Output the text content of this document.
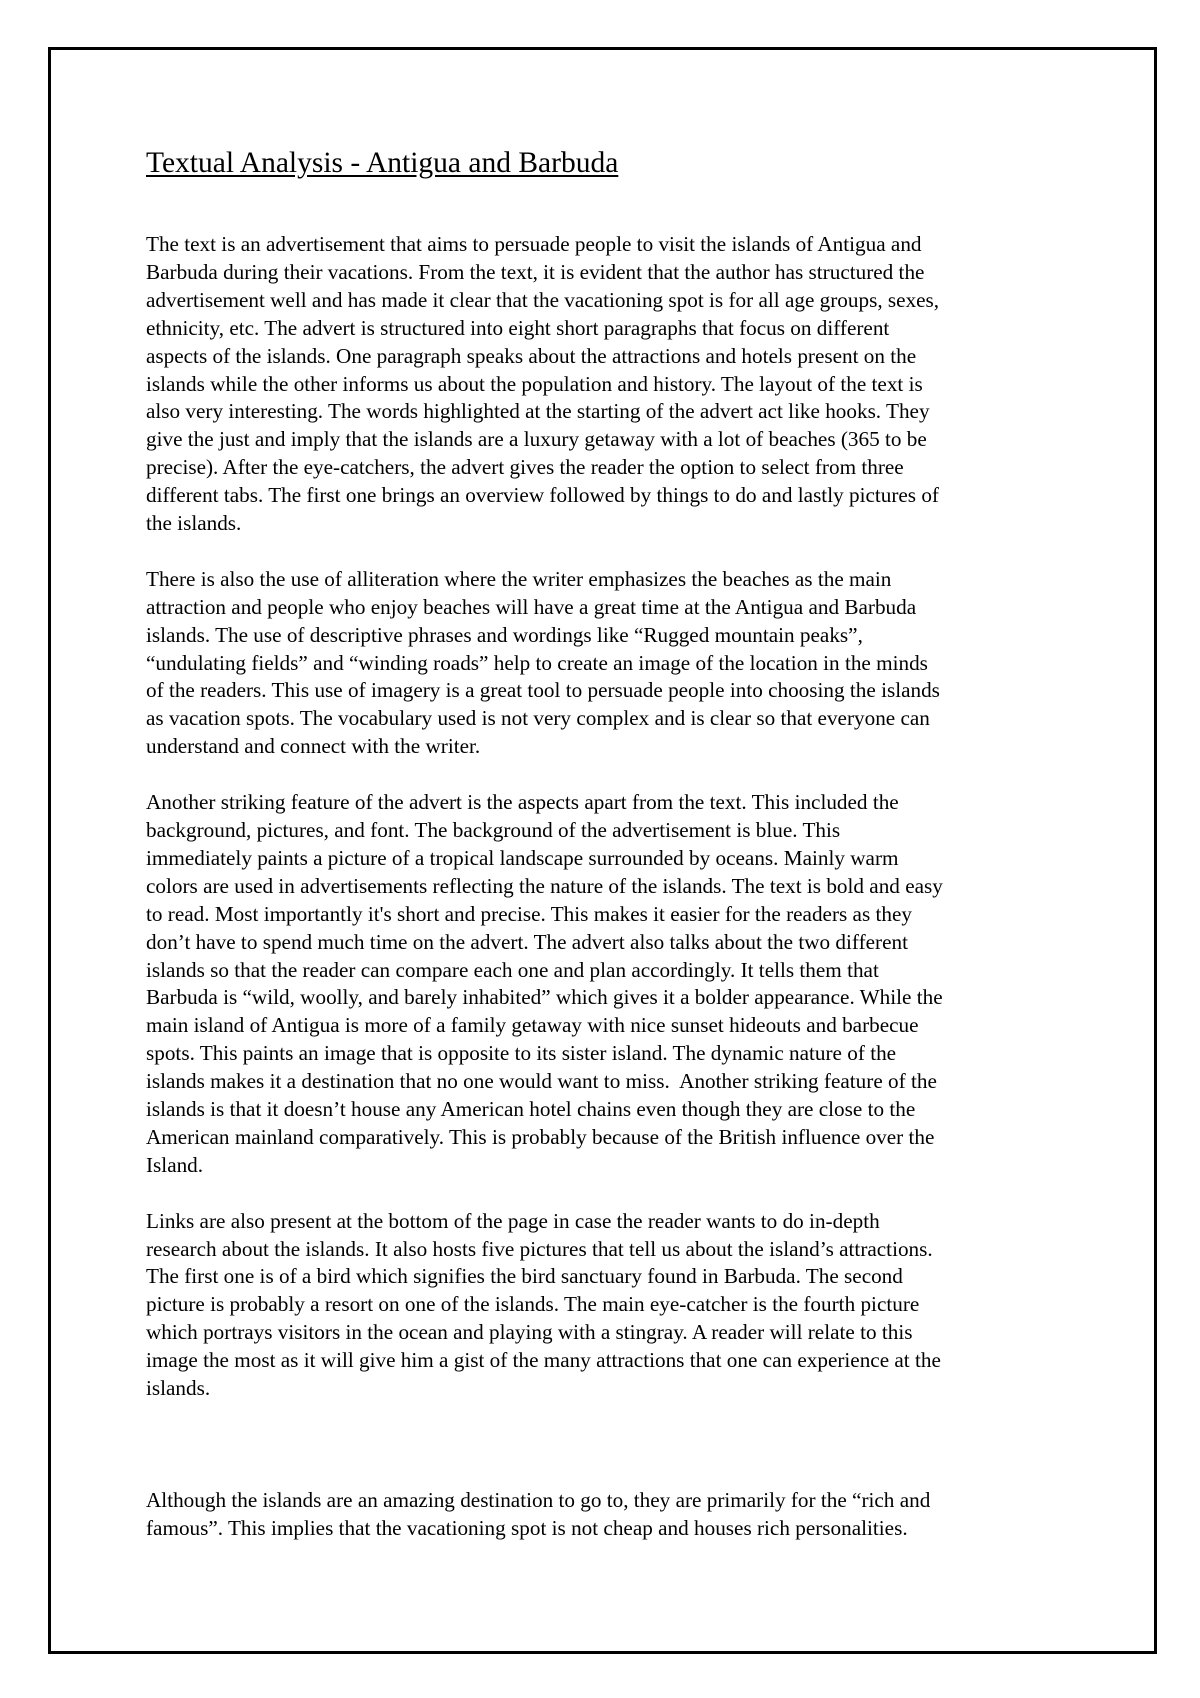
Textual Analysis - Antigua and Barbuda

The text is an advertisement that aims to persuade people to visit the islands of Antigua and
Barbuda during their vacations. From the text, it is evident that the author has structured the
advertisement well and has made it clear that the vacationing spot is for all age groups, sexes,
ethnicity, etc. The advert is structured into eight short paragraphs that focus on different
aspects of the islands. One paragraph speaks about the attractions and hotels present on the
islands while the other informs us about the population and history. The layout of the text is
also very interesting. The words highlighted at the starting of the advert act like hooks. They
give the just and imply that the islands are a luxury getaway with a lot of beaches (365 to be
precise). After the eye-catchers, the advert gives the reader the option to select from three
different tabs. The first one brings an overview followed by things to do and lastly pictures of
the islands.

There is also the use of alliteration where the writer emphasizes the beaches as the main
attraction and people who enjoy beaches will have a great time at the Antigua and Barbuda
islands. The use of descriptive phrases and wordings like “Rugged mountain peaks”,
“undulating fields” and “winding roads” help to create an image of the location in the minds
of the readers. This use of imagery is a great tool to persuade people into choosing the islands
as vacation spots. The vocabulary used is not very complex and is clear so that everyone can
understand and connect with the writer.

Another striking feature of the advert is the aspects apart from the text. This included the
background, pictures, and font. The background of the advertisement is blue. This
immediately paints a picture of a tropical landscape surrounded by oceans. Mainly warm
colors are used in advertisements reflecting the nature of the islands. The text is bold and easy
to read. Most importantly it's short and precise. This makes it easier for the readers as they
don’t have to spend much time on the advert. The advert also talks about the two different
islands so that the reader can compare each one and plan accordingly. It tells them that
Barbuda is “wild, woolly, and barely inhabited” which gives it a bolder appearance. While the
main island of Antigua is more of a family getaway with nice sunset hideouts and barbecue
spots. This paints an image that is opposite to its sister island. The dynamic nature of the
islands makes it a destination that no one would want to miss.  Another striking feature of the
islands is that it doesn’t house any American hotel chains even though they are close to the
American mainland comparatively. This is probably because of the British influence over the
Island.

Links are also present at the bottom of the page in case the reader wants to do in-depth
research about the islands. It also hosts five pictures that tell us about the island’s attractions.
The first one is of a bird which signifies the bird sanctuary found in Barbuda. The second
picture is probably a resort on one of the islands. The main eye-catcher is the fourth picture
which portrays visitors in the ocean and playing with a stingray. A reader will relate to this
image the most as it will give him a gist of the many attractions that one can experience at the
islands.

Although the islands are an amazing destination to go to, they are primarily for the “rich and
famous”. This implies that the vacationing spot is not cheap and houses rich personalities.
